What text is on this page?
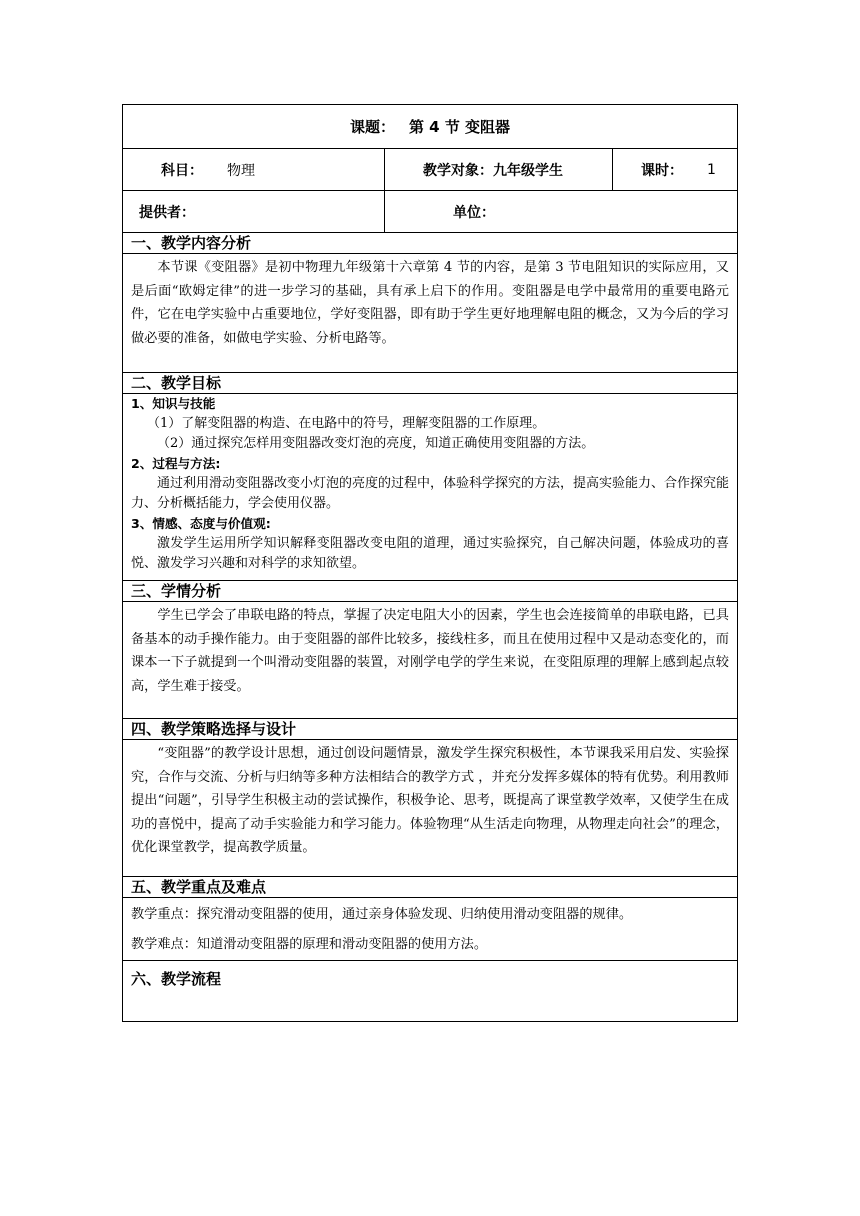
课题： 第 4 节 变阻器
科目： 物理	教学对象： 九年级学生	课时： 1
提供者：	单位：
一、教学内容分析

本节课《变阻器》是初中物理九年级第十六章第 4 节的内容，是第 3 节电阻知识的实际应用，又是后面“欧姆定律”的进一步学习的基础，具有承上启下的作用。变阻器是电学中最常用的重要电路元件，它在电学实验中占重要地位，学好变阻器，即有助于学生更好地理解电阻的概念，又为今后的学习做必要的准备，如做电学实验、分析电路等。

二、教学目标

1、知识与技能

（1）了解变阻器的构造、在电路中的符号，理解变阻器的工作原理。

（2）通过探究怎样用变阻器改变灯泡的亮度，知道正确使用变阻器的方法。

2、过程与方法:

通过利用滑动变阻器改变小灯泡的亮度的过程中，体验科学探究的方法，提高实验能力、合作探究能力、分析概括能力，学会使用仪器。

3、情感、态度与价值观:

激发学生运用所学知识解释变阻器改变电阻的道理，通过实验探究，自己解决问题，体验成功的喜悦、激发学习兴趣和对科学的求知欲望。

三、学情分析

学生已学会了串联电路的特点，掌握了决定电阻大小的因素，学生也会连接简单的串联电路，已具备基本的动手操作能力。由于变阻器的部件比较多，接线柱多，而且在使用过程中又是动态变化的，而课本一下子就提到一个叫滑动变阻器的装置，对刚学电学的学生来说，在变阻原理的理解上感到起点较高，学生难于接受。

四、教学策略选择与设计

“变阻器”的教学设计思想，通过创设问题情景，激发学生探究积极性，本节课我采用启发、实验探究，合作与交流、分析与归纳等多种方法相结合的教学方式 ，并充分发挥多媒体的特有优势。利用教师提出“问题”，引导学生积极主动的尝试操作，积极争论、思考，既提高了课堂教学效率，又使学生在成功的喜悦中，提高了动手实验能力和学习能力。体验物理“从生活走向物理，从物理走向社会”的理念，优化课堂教学，提高教学质量。

五、教学重点及难点

教学重点：探究滑动变阻器的使用，通过亲身体验发现、归纳使用滑动变阻器的规律。

教学难点：知道滑动变阻器的原理和滑动变阻器的使用方法。

六、教学流程
